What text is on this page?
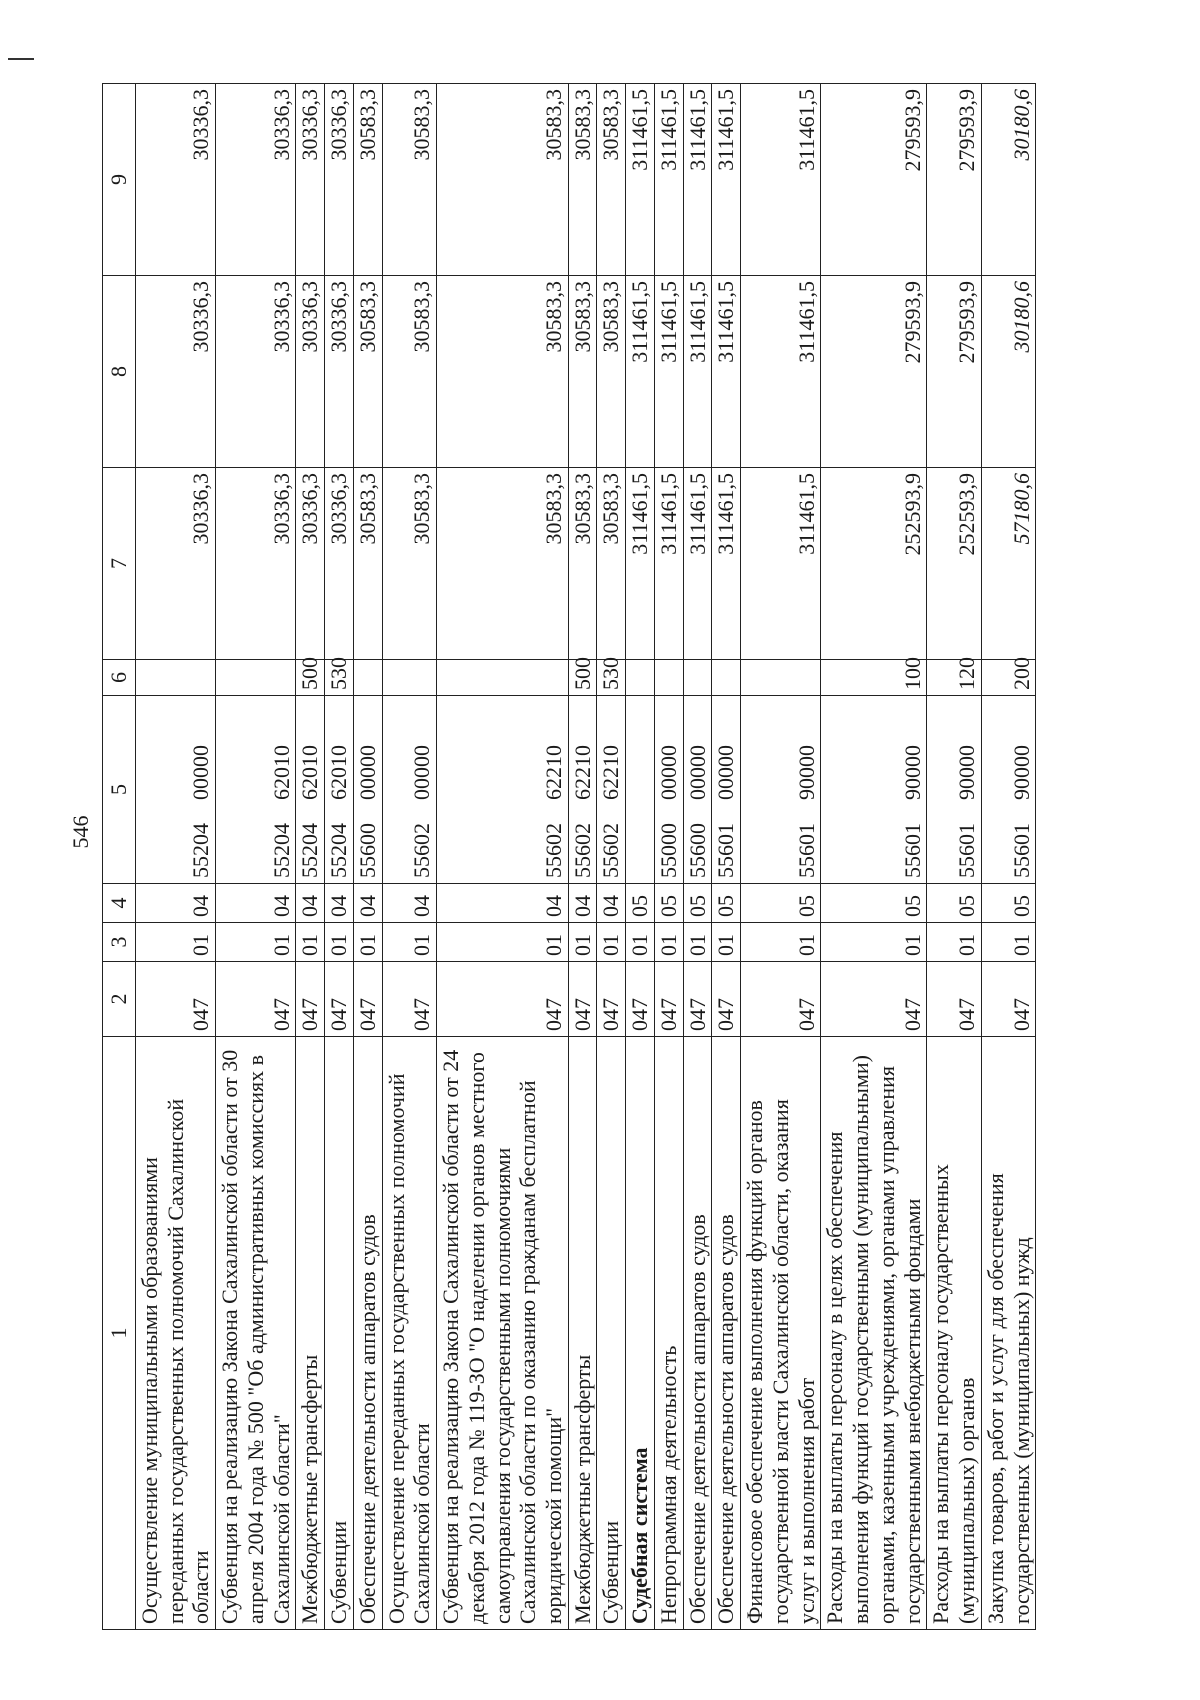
546
1	2	3	4	5	6	7	8	9
Осуществление муниципальными образованиями переданных государственных полномочий Сахалинской области	047	01	04	5520400000		30336,3	30336,3	30336,3
Субвенция на реализацию Закона Сахалинской области от 30 апреля 2004 года № 500 "Об административных комиссиях в Сахалинской области"	047	01	04	5520462010		30336,3	30336,3	30336,3
Межбюджетные трансферты	047	01	04	5520462010	500	30336,3	30336,3	30336,3
Субвенции	047	01	04	5520462010	530	30336,3	30336,3	30336,3
Обеспечение деятельности аппаратов судов	047	01	04	5560000000		30583,3	30583,3	30583,3
Осуществление переданных государственных полномочий Сахалинской области	047	01	04	5560200000		30583,3	30583,3	30583,3
Субвенция на реализацию Закона Сахалинской области от 24 декабря 2012 года № 119-ЗО "О наделении органов местного самоуправления государственными полномочиями Сахалинской области по оказанию гражданам бесплатной юридической помощи"	047	01	04	5560262210		30583,3	30583,3	30583,3
Межбюджетные трансферты	047	01	04	5560262210	500	30583,3	30583,3	30583,3
Субвенции	047	01	04	5560262210	530	30583,3	30583,3	30583,3
Судебная система	047	01	05			311461,5	311461,5	311461,5
Непрограммная деятельность	047	01	05	5500000000		311461,5	311461,5	311461,5
Обеспечение деятельности аппаратов судов	047	01	05	5560000000		311461,5	311461,5	311461,5
Обеспечение деятельности аппаратов судов	047	01	05	5560100000		311461,5	311461,5	311461,5
Финансовое обеспечение выполнения функций органов государственной власти Сахалинской области, оказания услуг и выполнения работ	047	01	05	5560190000		311461,5	311461,5	311461,5
Расходы на выплаты персоналу в целях обеспечения выполнения функций государственными (муниципальными) органами, казенными учреждениями, органами управления государственными внебюджетными фондами	047	01	05	5560190000	100	252593,9	279593,9	279593,9
Расходы на выплаты персоналу государственных (муниципальных) органов	047	01	05	5560190000	120	252593,9	279593,9	279593,9
Закупка товаров, работ и услуг для обеспечения государственных (муниципальных) нужд	047	01	05	5560190000	200	57180,6	30180,6	30180,6
